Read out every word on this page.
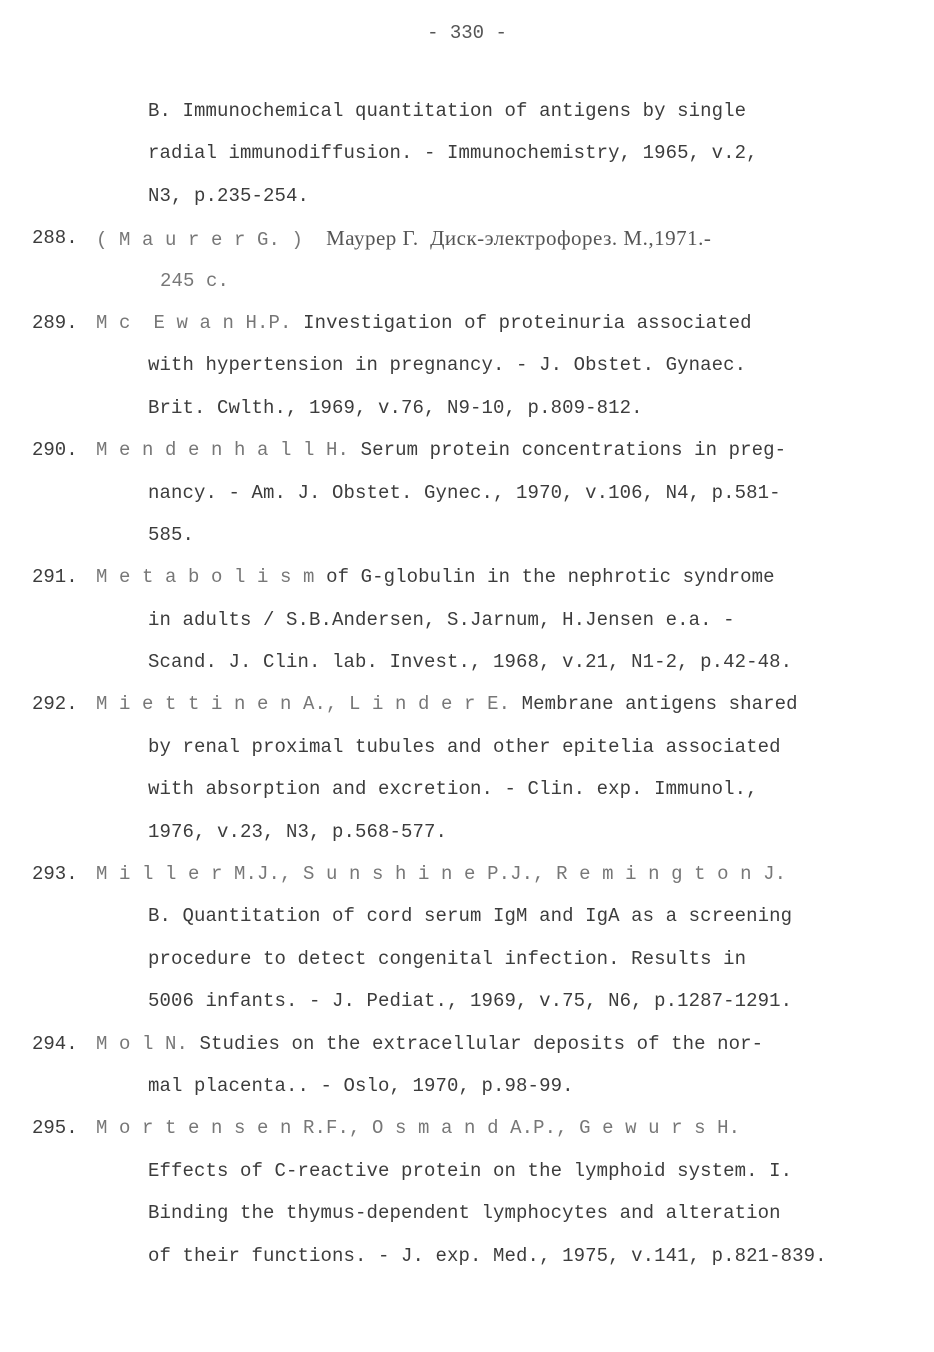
- 330 -
B. Immunochemical quantitation of antigens by single
radial immunodiffusion. - Immunochemistry, 1965, v.2,
N3, p.235-254.
288. ( M a u r e r G. ) Маурер Г.  Диск-электрофорез. М.,1971.-
245 с.
289. M c  E w a n H.P. Investigation of proteinuria associated
with hypertension in pregnancy. - J. Obstet. Gynaec.
Brit. Cwlth., 1969, v.76, N9-10, p.809-812.
290. M e n d e n h a l l H. Serum protein concentrations in preg-
nancy. - Am. J. Obstet. Gynec., 1970, v.106, N4, p.581-
585.
291. M e t a b o l i s m of G-globulin in the nephrotic syndrome
in adults / S.B.Andersen, S.Jarnum, H.Jensen e.a. -
Scand. J. Clin. lab. Invest., 1968, v.21, N1-2, p.42-48.
292. M i e t t i n e n A., L i n d e r E. Membrane antigens shared
by renal proximal tubules and other epitelia associated
with absorption and excretion. - Clin. exp. Immunol.,
1976, v.23, N3, p.568-577.
293. M i l l e r M.J., S u n s h i n e P.J., R e m i n g t o n J.
B. Quantitation of cord serum IgM and IgA as a screening
procedure to detect congenital infection. Results in
5006 infants. - J. Pediat., 1969, v.75, N6, p.1287-1291.
294. M o l N. Studies on the extracellular deposits of the nor-
mal placenta.. - Oslo, 1970, p.98-99.
295. M o r t e n s e n R.F., O s m a n d A.P., G e w u r s H.
Effects of C-reactive protein on the lymphoid system. I.
Binding the thymus-dependent lymphocytes and alteration
of their functions. - J. exp. Med., 1975, v.141, p.821-839.
